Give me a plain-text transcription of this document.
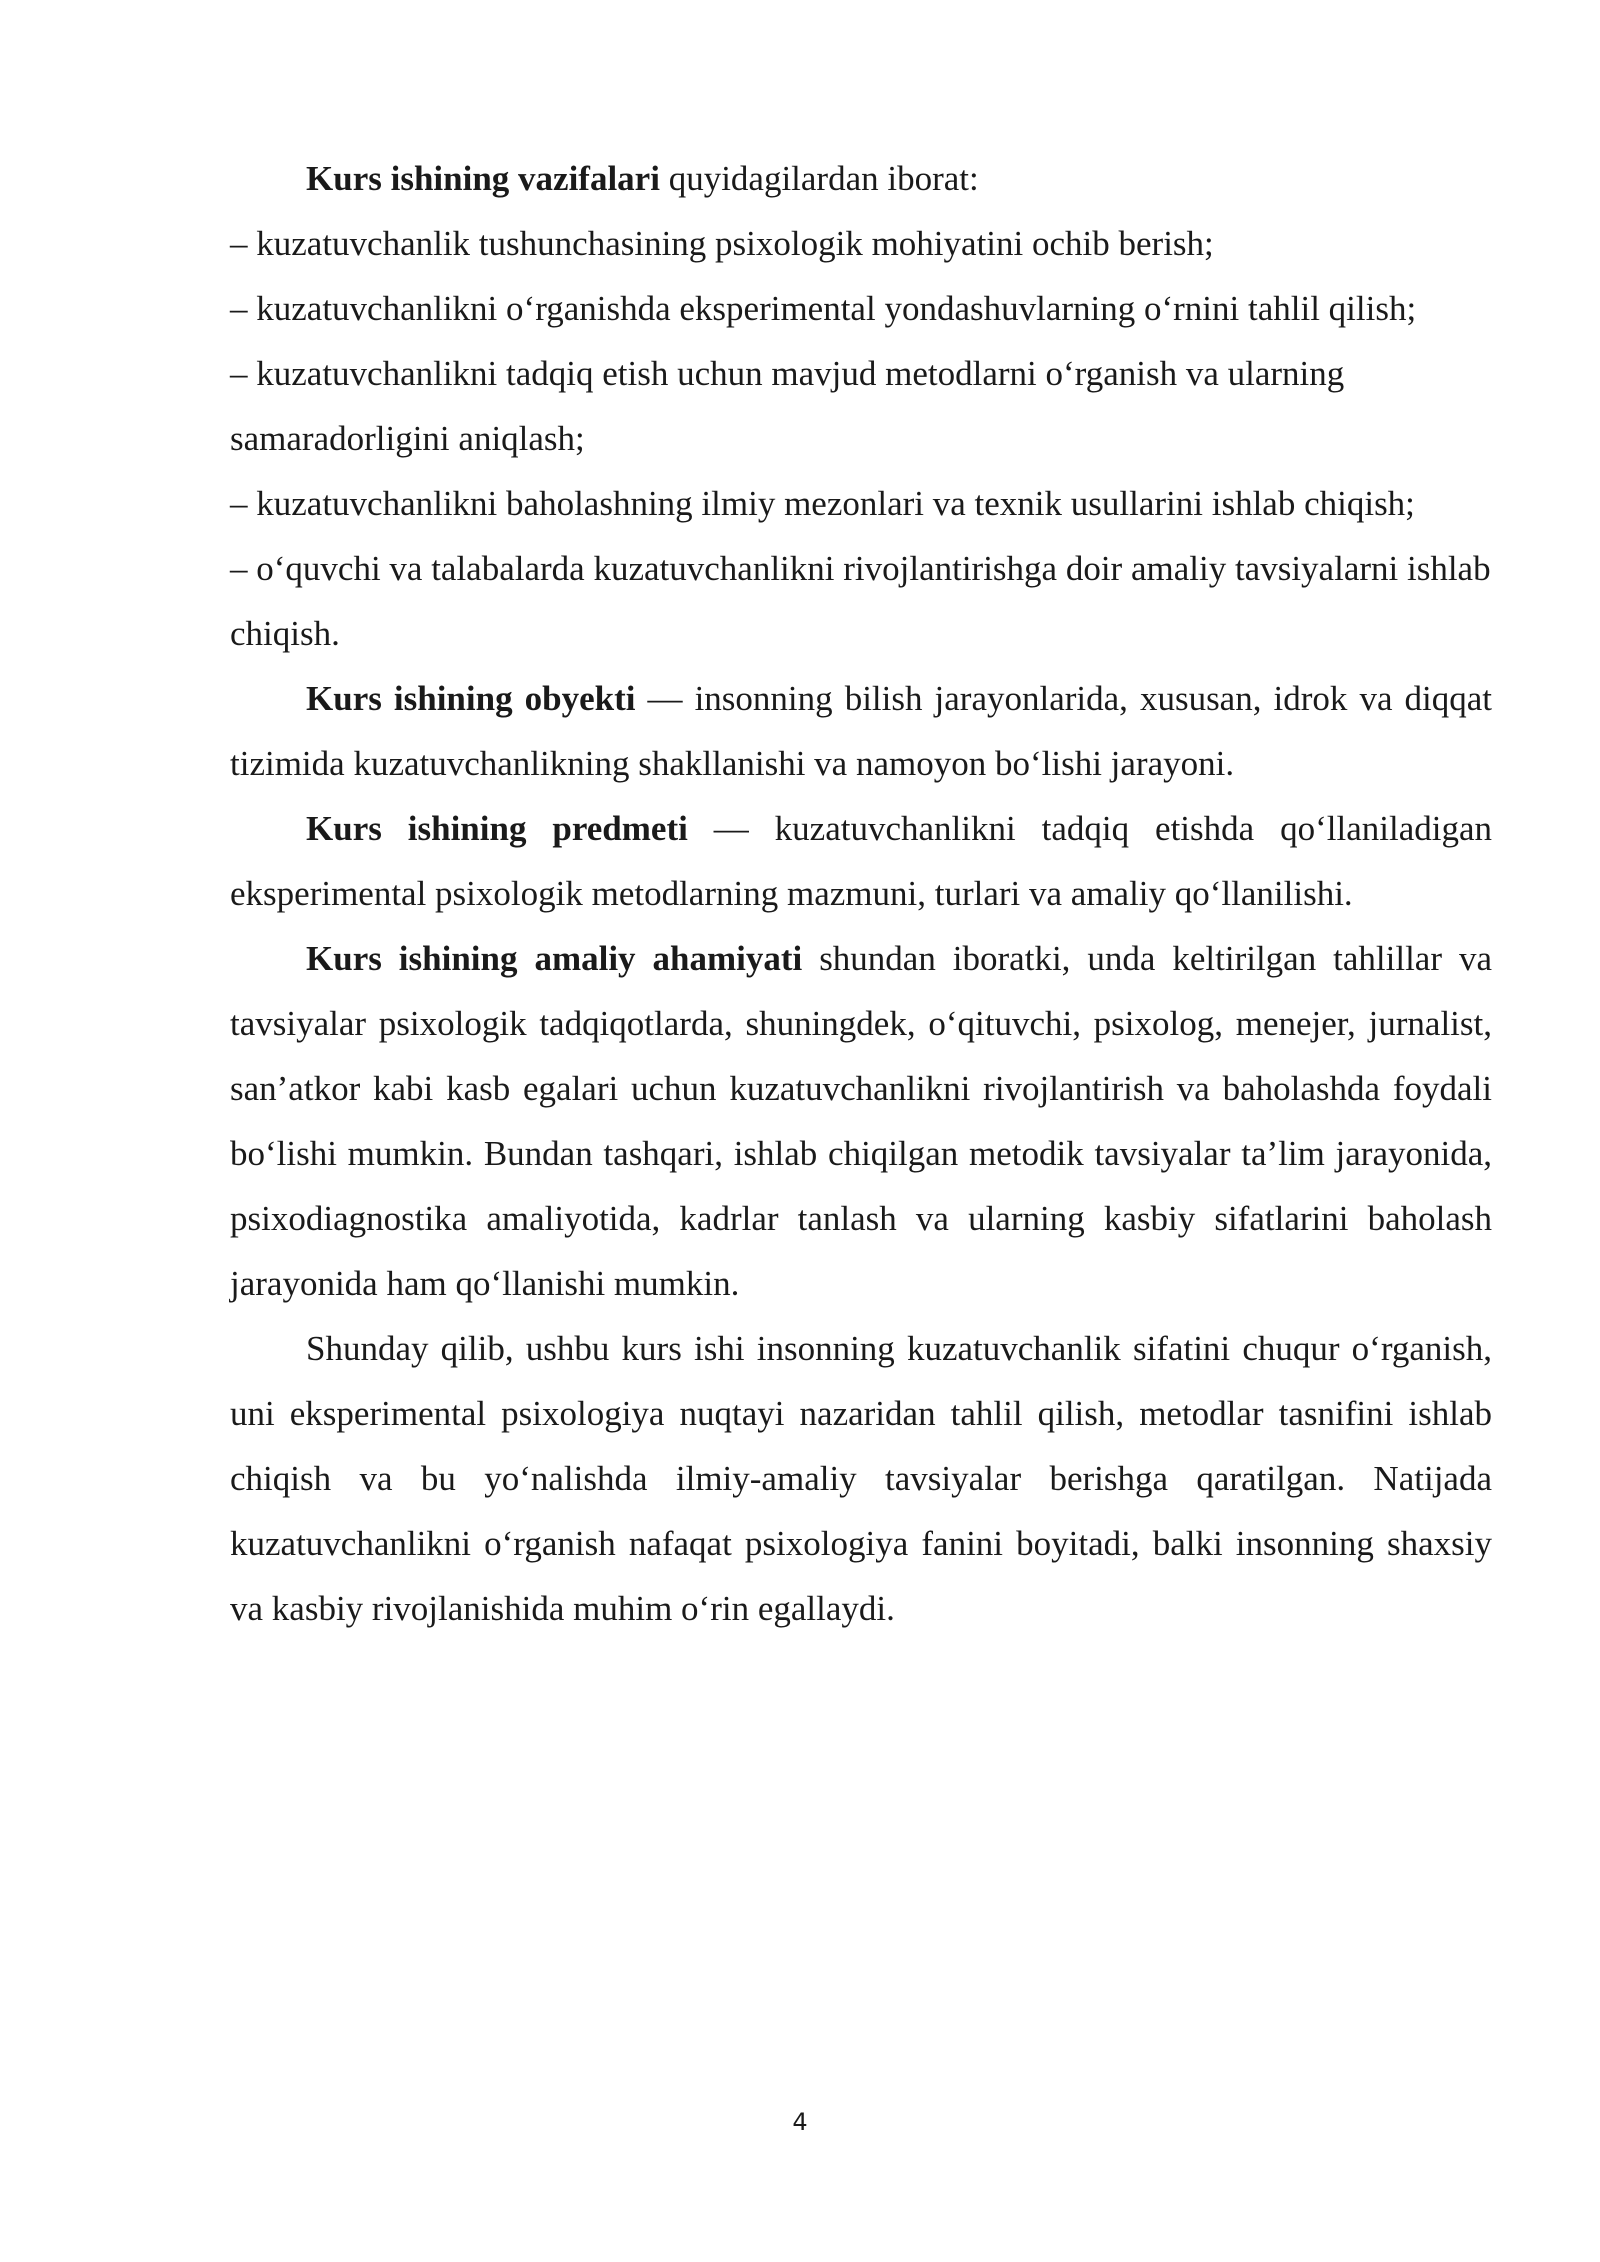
Kurs ishining vazifalari quyidagilardan iborat:

– kuzatuvchanlik tushunchasining psixologik mohiyatini ochib berish;

– kuzatuvchanlikni o‘rganishda eksperimental yondashuvlarning o‘rnini tahlil qilish;

– kuzatuvchanlikni tadqiq etish uchun mavjud metodlarni o‘rganish va ularning samaradorligini aniqlash;

– kuzatuvchanlikni baholashning ilmiy mezonlari va texnik usullarini ishlab chiqish;

– o‘quvchi va talabalarda kuzatuvchanlikni rivojlantirishga doir amaliy tavsiyalarni ishlab chiqish.

Kurs ishining obyekti — insonning bilish jarayonlarida, xususan, idrok va diqqat tizimida kuzatuvchanlikning shakllanishi va namoyon bo‘lishi jarayoni.

Kurs ishining predmeti — kuzatuvchanlikni tadqiq etishda qo‘llaniladigan eksperimental psixologik metodlarning mazmuni, turlari va amaliy qo‘llanilishi.

Kurs ishining amaliy ahamiyati shundan iboratki, unda keltirilgan tahlillar va tavsiyalar psixologik tadqiqotlarda, shuningdek, o‘qituvchi, psixolog, menejer, jurnalist, san’atkor kabi kasb egalari uchun kuzatuvchanlikni rivojlantirish va baholashda foydali bo‘lishi mumkin. Bundan tashqari, ishlab chiqilgan metodik tavsiyalar ta’lim jarayonida, psixodiagnostika amaliyotida, kadrlar tanlash va ularning kasbiy sifatlarini baholash jarayonida ham qo‘llanishi mumkin.

Shunday qilib, ushbu kurs ishi insonning kuzatuvchanlik sifatini chuqur o‘rganish, uni eksperimental psixologiya nuqtayi nazaridan tahlil qilish, metodlar tasnifini ishlab chiqish va bu yo‘nalishda ilmiy-amaliy tavsiyalar berishga qaratilgan. Natijada kuzatuvchanlikni o‘rganish nafaqat psixologiya fanini boyitadi, balki insonning shaxsiy va kasbiy rivojlanishida muhim o‘rin egallaydi.

4
